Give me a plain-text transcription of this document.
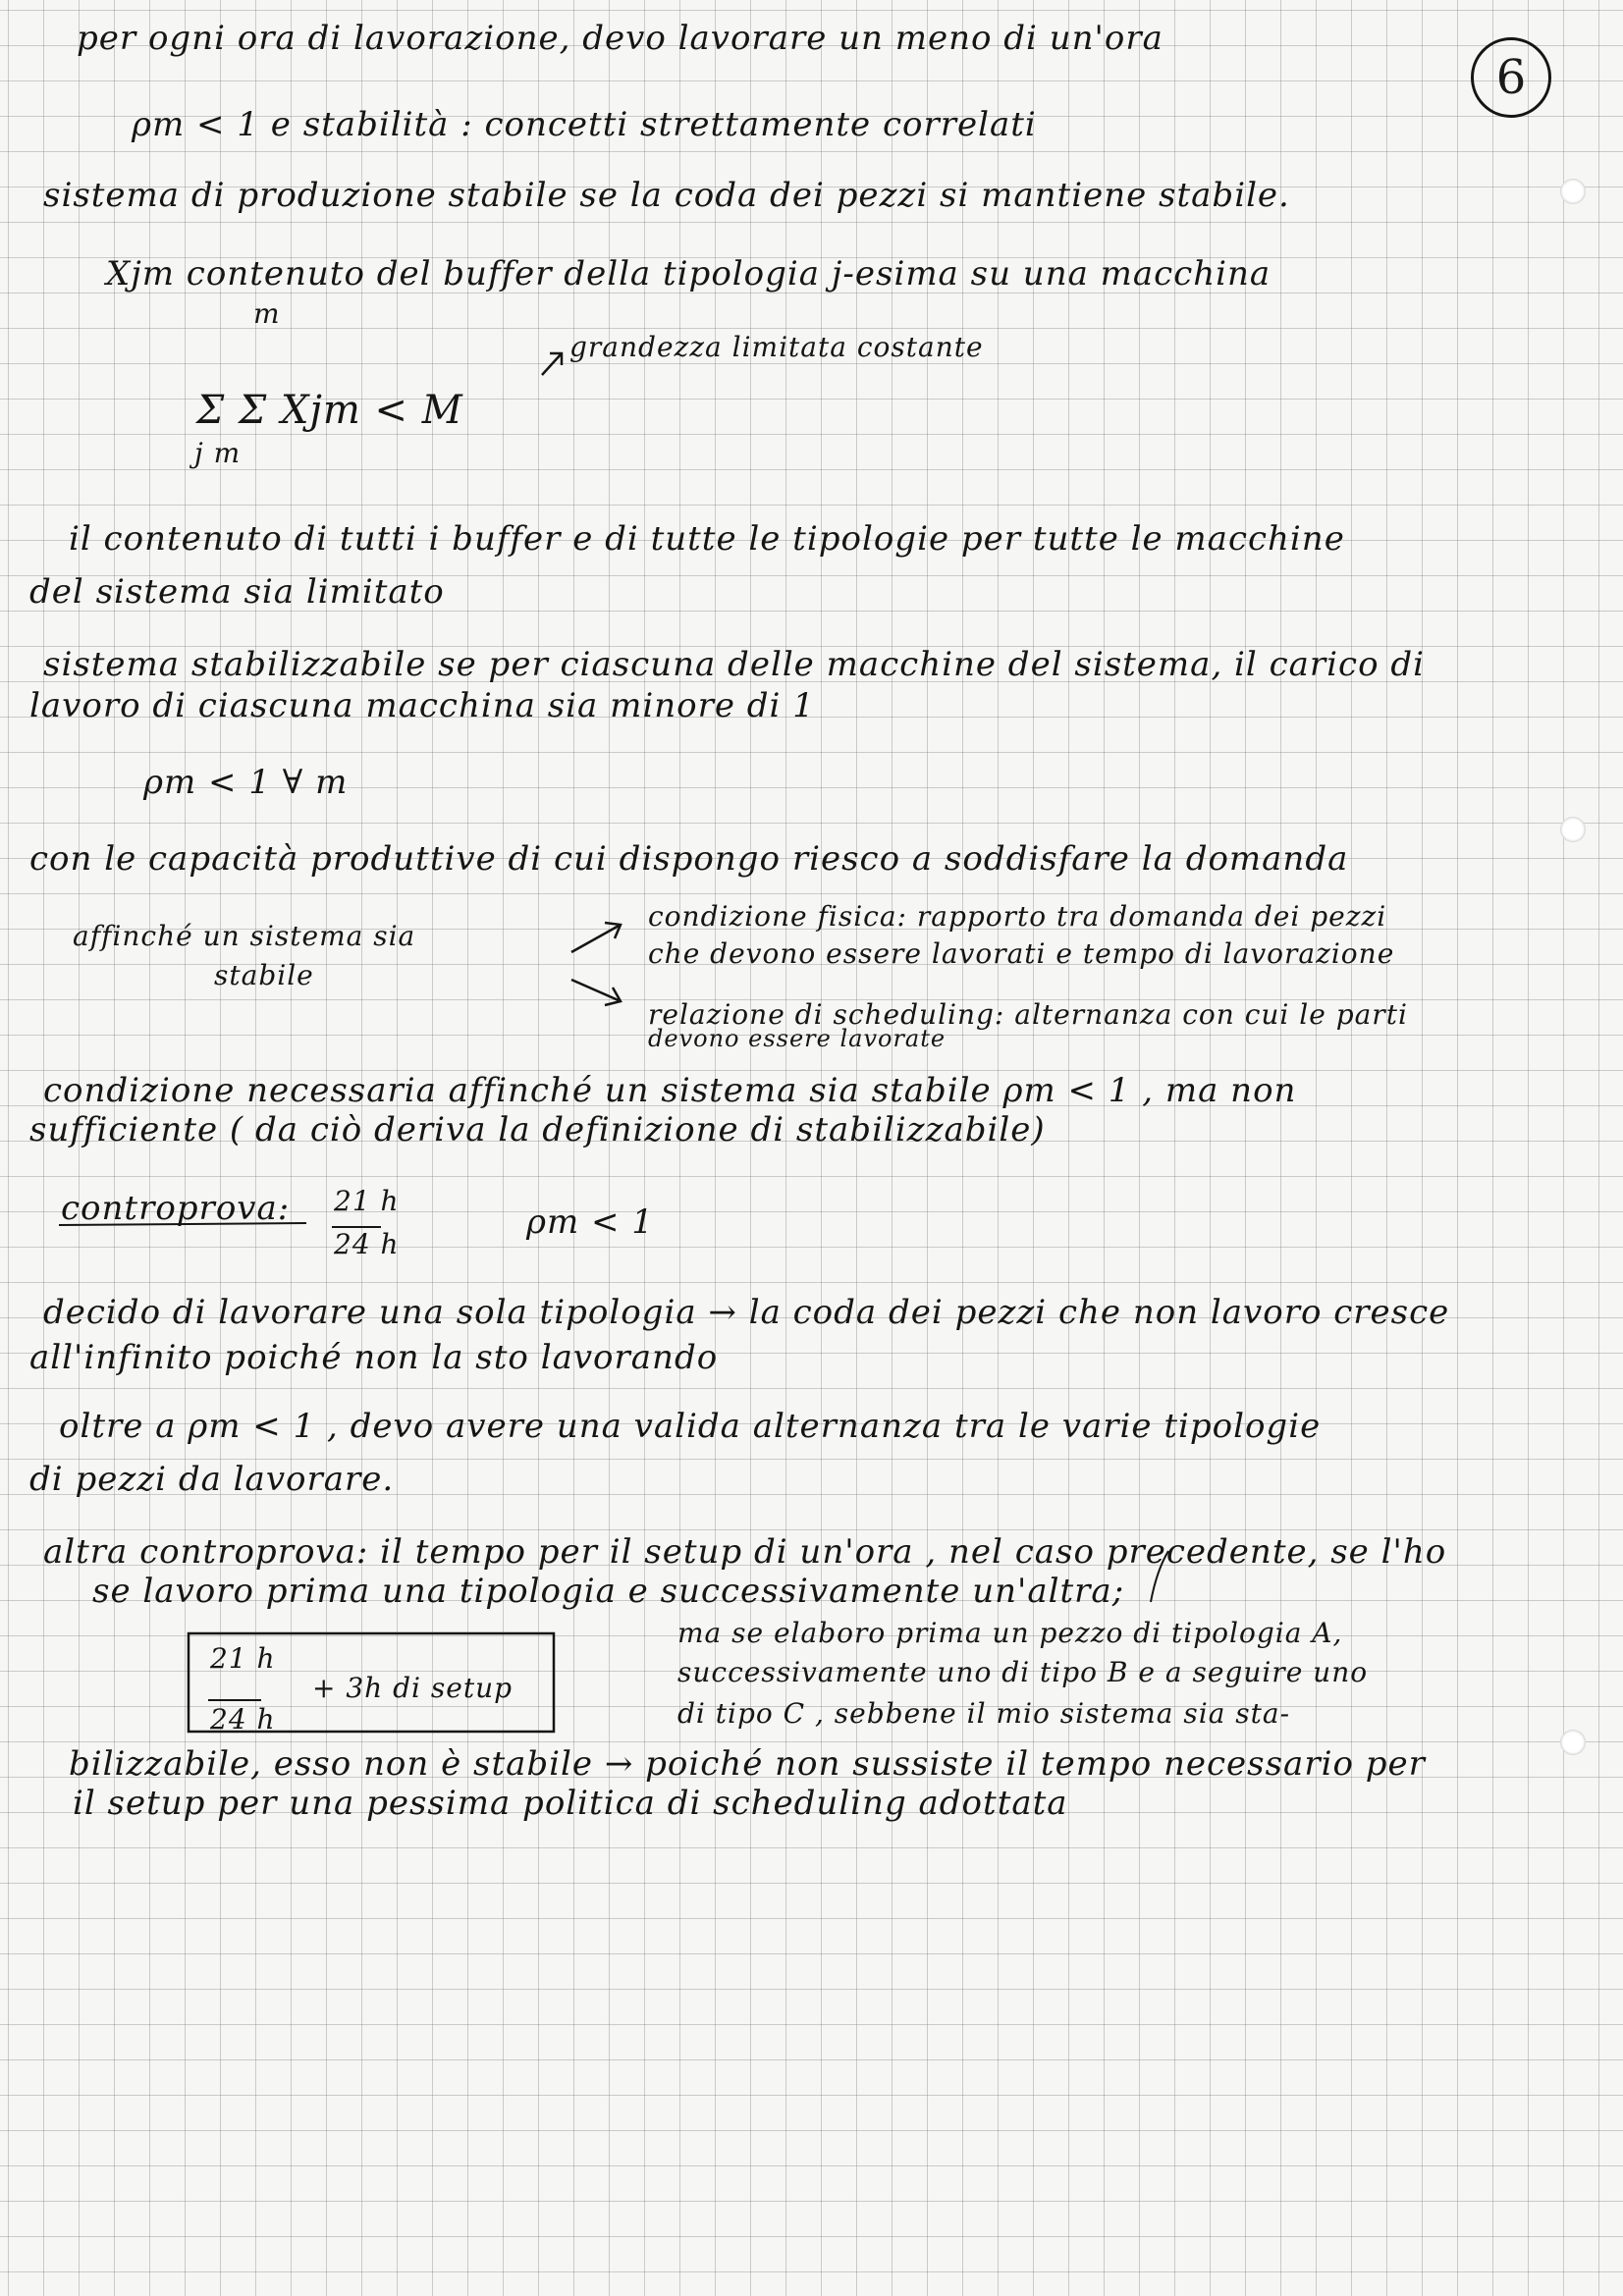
6
per ogni ora di lavorazione, devo lavorare un meno di un'ora
ρm < 1 e stabilità : concetti strettamente correlati
sistema di produzione stabile se la coda dei pezzi si mantiene stabile.
Xjm contenuto del buffer della tipologia j-esima su una macchina
m
grandezza limitata costante
Σ Σ Xjm < M
j m
il contenuto di tutti i buffer e di tutte le tipologie per tutte le macchine
del sistema sia limitato
sistema stabilizzabile se per ciascuna delle macchine del sistema, il carico di
lavoro di ciascuna macchina sia minore di 1
ρm < 1 ∀ m
con le capacità produttive di cui dispongo riesco a soddisfare la domanda
affinché un sistema sia
stabile
condizione fisica: rapporto tra domanda dei pezzi
che devono essere lavorati e tempo di lavorazione
relazione di scheduling: alternanza con cui le parti
devono essere lavorate
condizione necessaria affinché un sistema sia stabile ρm < 1 , ma non
sufficiente ( da ciò deriva la definizione di stabilizzabile)
controprova: 21 h
24 h
ρm < 1
decido di lavorare una sola tipologia → la coda dei pezzi che non lavoro cresce
all'infinito poiché non la sto lavorando
oltre a ρm < 1 , devo avere una valida alternanza tra le varie tipologie
di pezzi da lavorare.
altra controprova: il tempo per il setup di un'ora , nel caso precedente, se l'ho
se lavoro prima una tipologia e successivamente un'altra;
ma se elaboro prima un pezzo di tipologia A,
successivamente uno di tipo B e a seguire uno
di tipo C , sebbene il mio sistema sia sta-
21 h
24 h
+ 3h di setup
bilizzabile, esso non è stabile → poiché non sussiste il tempo necessario per
il setup per una pessima politica di scheduling adottata
